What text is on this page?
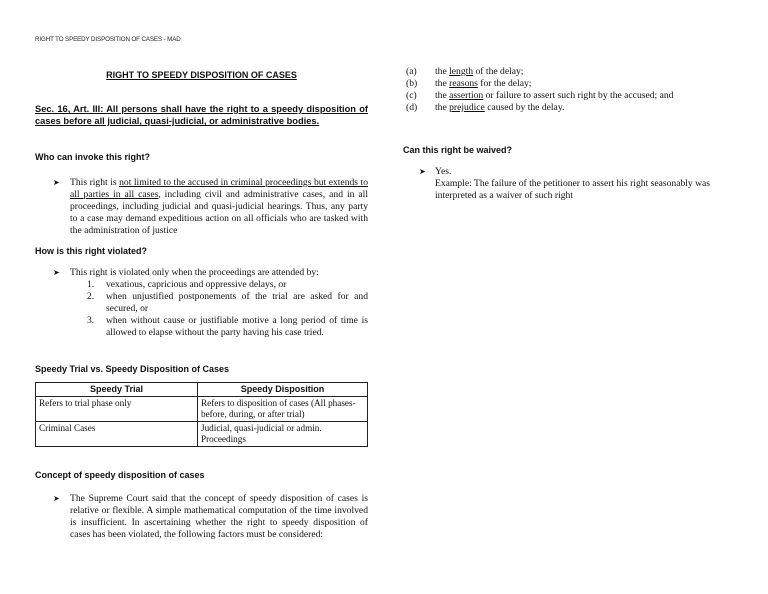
RIGHT TO SPEEDY DISPOSITION OF CASES - MAD
RIGHT TO SPEEDY DISPOSITION OF CASES
Sec. 16, Art. III: All persons shall have the right to a speedy disposition of cases before all judicial, quasi-judicial, or administrative bodies.
Who can invoke this right?
➤ This right is not limited to the accused in criminal proceedings but extends to all parties in all cases, including civil and administrative cases, and in all proceedings, including judicial and quasi-judicial hearings. Thus, any party to a case may demand expeditious action on all officials who are tasked with the administration of justice
How is this right violated?
➤ This right is violated only when the proceedings are attended by:
1. vexatious, capricious and oppressive delays, or
2. when unjustified postponements of the trial are asked for and secured, or
3. when without cause or justifiable motive a long period of time is allowed to elapse without the party having his case tried.
Speedy Trial vs. Speedy Disposition of Cases
Speedy Trial	Speedy Disposition
Refers to trial phase only	Refers to disposition of cases (All phases- before, during, or after trial)
Criminal Cases	Judicial, quasi-judicial or admin. Proceedings
Concept of speedy disposition of cases
➤ The Supreme Court said that the concept of speedy disposition of cases is relative or flexible. A simple mathematical computation of the time involved is insufficient. In ascertaining whether the right to speedy disposition of cases has been violated, the following factors must be considered:
(a) the length of the delay;
(b) the reasons for the delay;
(c) the assertion or failure to assert such right by the accused; and
(d) the prejudice caused by the delay.
Can this right be waived?
➤ Yes.
Example: The failure of the petitioner to assert his right seasonably was interpreted as a waiver of such right
